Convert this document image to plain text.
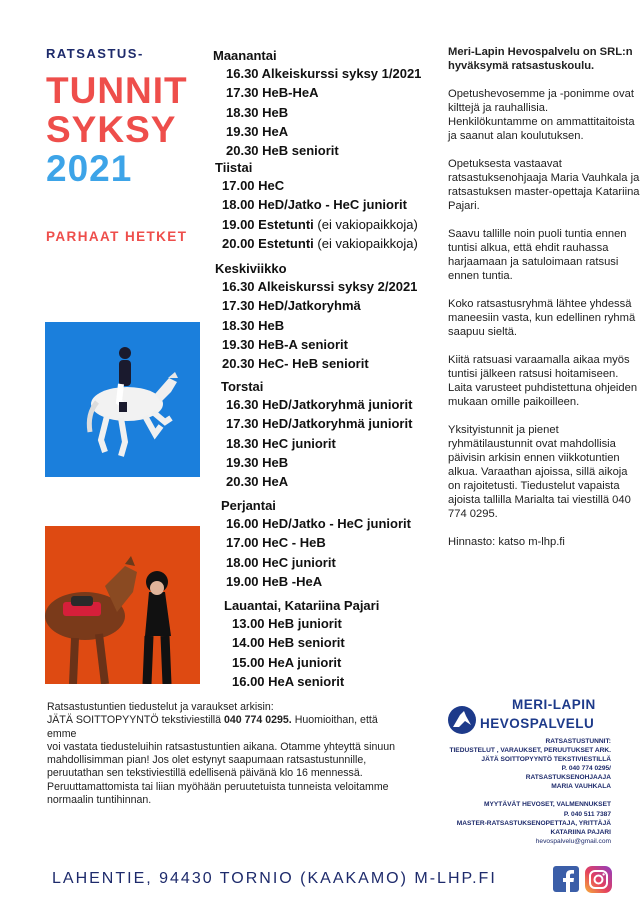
RATSASTUS-
TUNNIT
SYKSY
2021
PARHAAT HETKET
Maanantai
16.30 Alkeiskurssi syksy 1/2021
17.30 HeB-HeA
18.30 HeB
19.30 HeA
20.30 HeB seniorit
Tiistai
17.00 HeC
18.00 HeD/Jatko - HeC juniorit
19.00 Estetunti (ei vakiopaikkoja)
20.00 Estetunti (ei vakiopaikkoja)
Keskiviikko
16.30 Alkeiskurssi syksy 2/2021
17.30 HeD/Jatkoryhmä
18.30 HeB
19.30 HeB-A seniorit
20.30 HeC- HeB seniorit
Torstai
16.30 HeD/Jatkoryhmä juniorit
17.30 HeD/Jatkoryhmä juniorit
18.30 HeC juniorit
19.30 HeB
20.30 HeA
Perjantai
16.00 HeD/Jatko - HeC juniorit
17.00 HeC - HeB
18.00 HeC juniorit
19.00 HeB -HeA
Lauantai, Katariina Pajari
13.00 HeB juniorit
14.00 HeB seniorit
15.00 HeA juniorit
16.00 HeA seniorit

Meri-Lapin Hevospalvelu on SRL:n hyväksymä ratsastuskoulu.

Opetushevosemme ja -ponimme ovat kilttejä ja rauhallisia. Henkilökuntamme on ammattitaitoista ja saanut alan koulutuksen.

Opetuksesta vastaavat ratsastuksenohjaaja Maria Vauhkala ja ratsastuksen master-opettaja Katariina Pajari.

Saavu tallille noin puoli tuntia ennen tuntisi alkua, että ehdit rauhassa harjaamaan ja satuloimaan ratsusi ennen tuntia.

Koko ratsastusryhmä lähtee yhdessä maneesiin vasta, kun edellinen ryhmä saapuu sieltä.

Kiitä ratsuasi varaamalla aikaa myös tuntisi jälkeen ratsusi hoitamiseen. Laita varusteet puhdistettuna ohjeiden mukaan omille paikoilleen.

Yksityistunnit ja pienet ryhmätilaustunnit ovat mahdollisia päivisin arkisin ennen viikkotuntien alkua. Varaathan ajoissa, sillä aikoja on rajoitetusti. Tiedustelut vapaista ajoista tallilla Marialta tai viestillä 040 774 0295.

Hinnasto: katso m-lhp.fi

Ratsastustuntien tiedustelut ja varaukset arkisin:

JÄTÄ SOITTOPYYNTÖ tekstiviestillä 040 774 0295. Huomioithan, että emme

voi vastata tiedusteluihin ratsastustuntien aikana. Otamme yhteyttä sinuun

mahdollisimman pian! Jos olet estynyt saapumaan ratsastustunnille,

peruutathan sen tekstiviestillä edellisenä päivänä klo 16 mennessä.

Peruuttamattomista tai liian myöhään peruutetuista tunneista veloitamme

normaalin tuntihinnan.

MERI-LAPIN
HEVOSPALVELU
RATSASTUSTUNNIT:
TIEDUSTELUT , VARAUKSET, PERUUTUKSET ARK.
JÄTÄ SOITTOPYYNTÖ TEKSTIVIESTILLÄ
P. 040 774 0295/
RATSASTUKSENOHJAAJA
MARIA VAUHKALA
MYYTÄVÄT HEVOSET, VALMENNUKSET
P. 040 511 7387
MASTER-RATSASTUKSENOPETTAJA, YRITTÄJÄ
KATARIINA PAJARI
hevospalvelu@gmail.com
LAHENTIE, 94430 TORNIO (KAAKAMO) M-LHP.FI
